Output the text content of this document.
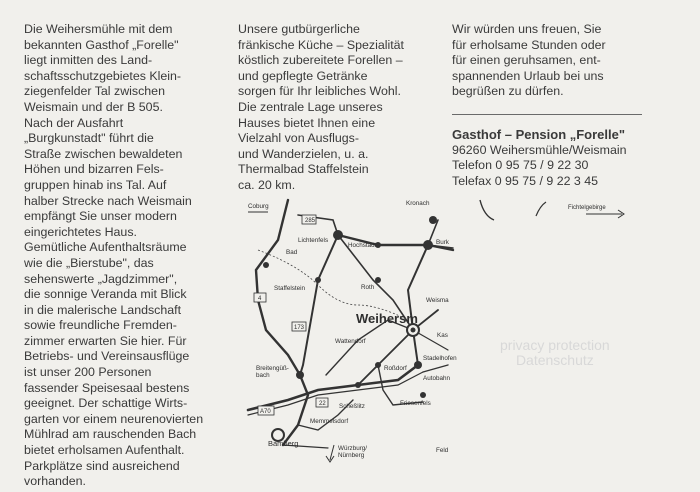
Die Weihersmühle mit dem
bekannten Gasthof „Forelle"
liegt inmitten des Land-
schaftsschutzgebietes Klein-
ziegenfelder Tal zwischen
Weismain und der B 505.
Nach der Ausfahrt
„Burgkunstadt" führt die
Straße zwischen bewaldeten
Höhen und bizarren Fels-
gruppen hinab ins Tal. Auf
halber Strecke nach Weismain
empfängt Sie unser modern
eingerichtetes Haus.
Gemütliche Aufenthaltsräume
wie die „Bierstube", das
sehenswerte „Jagdzimmer",
die sonnige Veranda mit Blick
in die malerische Landschaft
sowie freundliche Fremden-
zimmer erwarten Sie hier. Für
Betriebs- und Vereinsausflüge
ist unser 200 Personen
fassender Speisesaal bestens
geeignet. Der schattige Wirts-
garten vor einem neurenovierten
Mühlrad am rauschenden Bach
bietet erholsamen Aufenthalt.
Parkplätze sind ausreichend
vorhanden.
Unsere gutbürgerliche
fränkische Küche – Spezialität
köstlich zubereitete Forellen –
und gepflegte Getränke
sorgen für Ihr leibliches Wohl.
Die zentrale Lage unseres
Hauses bietet Ihnen eine
Vielzahl von Ausflugs-
und Wanderzielen, u. a.
Thermalbad Staffelstein
ca. 20 km.
Wir würden uns freuen, Sie
für erholsame Stunden oder
für einen geruhsamen, ent-
spannenden Urlaub bei uns
begrüßen zu dürfen.
Gasthof – Pension „Forelle"
96260 Weihersmühle/Weismain
Telefon 0 95 75 / 9 22 30
Telefax 0 95 75 / 9 22 3 45
285
4
173
22
A70
Coburg	Kronach
Lichtenfels
Hochstadt	Burk
Bad
Staffelstein	Roth
Weisma
Kas
Wattendorf
Roßdorf
Friesenfels
Autobahn
Stadelhofen
Scheßlitz
Memmelsdorf
Bamberg
Würzburg/ Nürnberg
Feld
Breitengüß-bach
Weihersm
Fichtelgebirge
privacy protection
Datenschutz
